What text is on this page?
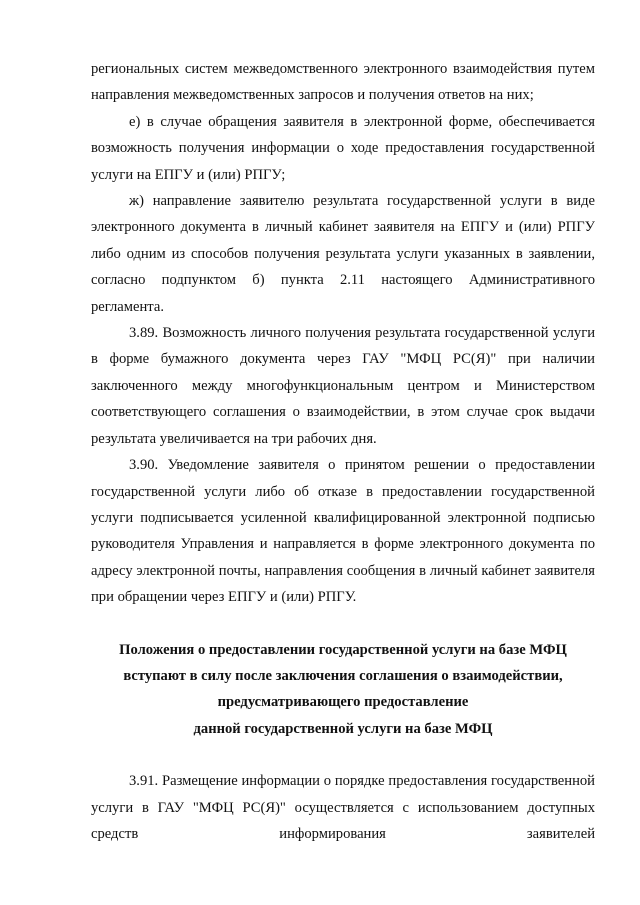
региональных систем межведомственного электронного взаимодействия путем направления межведомственных запросов и получения ответов на них;

е) в случае обращения заявителя в электронной форме, обеспечивается возможность получения информации о ходе предоставления государственной услуги на ЕПГУ и (или) РПГУ;

ж) направление заявителю результата государственной услуги в виде электронного документа в личный кабинет заявителя на ЕПГУ и (или) РПГУ либо одним из способов получения результата услуги указанных в заявлении, согласно подпунктом б) пункта 2.11 настоящего Административного регламента.

3.89. Возможность личного получения результата государственной услуги в форме бумажного документа через ГАУ "МФЦ РС(Я)" при наличии заключенного между многофункциональным центром и Министерством соответствующего соглашения о взаимодействии, в этом случае срок выдачи результата увеличивается на три рабочих дня.

3.90. Уведомление заявителя о принятом решении о предоставлении государственной услуги либо об отказе в предоставлении государственной услуги подписывается усиленной квалифицированной электронной подписью руководителя Управления и направляется в форме электронного документа по адресу электронной почты, направления сообщения в личный кабинет заявителя при обращении через ЕПГУ и (или) РПГУ.

Положения о предоставлении государственной услуги на базе МФЦ
вступают в силу после заключения соглашения о взаимодействии,
предусматривающего предоставление
данной государственной услуги на базе МФЦ

3.91. Размещение информации о порядке предоставления государственной услуги в ГАУ "МФЦ РС(Я)" осуществляется с использованием доступных средств информирования заявителей
